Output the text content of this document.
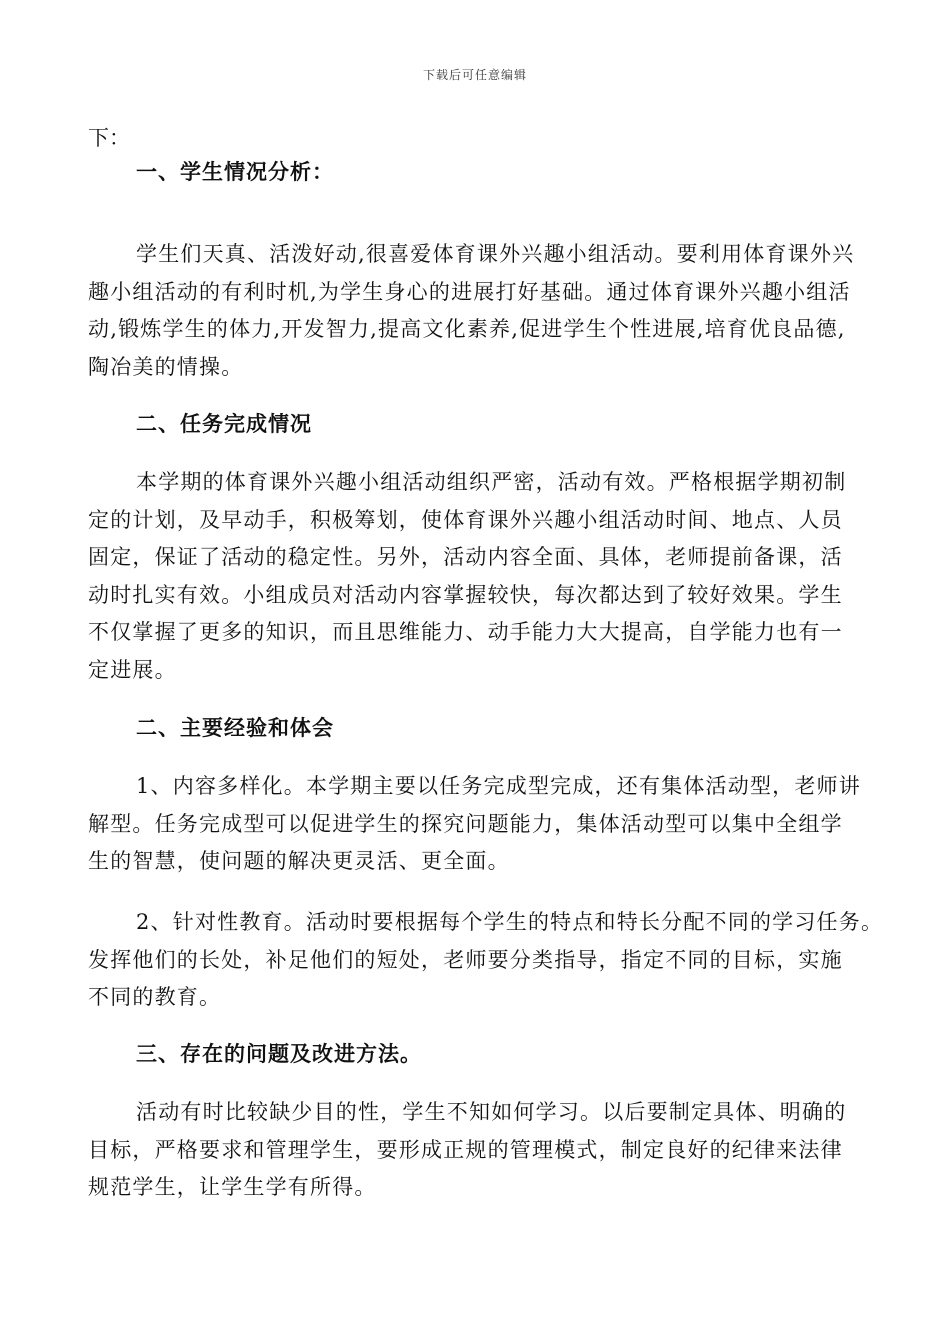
下载后可任意编辑
下：
一、学生情况分析：
学生们天真、活泼好动,很喜爱体育课外兴趣小组活动。要利用体育课外兴
趣小组活动的有利时机,为学生身心的进展打好基础。通过体育课外兴趣小组活
动,锻炼学生的体力,开发智力,提高文化素养,促进学生个性进展,培育优良品德,
陶冶美的情操。
二、任务完成情况
本学期的体育课外兴趣小组活动组织严密，活动有效。严格根据学期初制
定的计划，及早动手，积极筹划，使体育课外兴趣小组活动时间、地点、人员
固定，保证了活动的稳定性。另外，活动内容全面、具体，老师提前备课，活
动时扎实有效。小组成员对活动内容掌握较快，每次都达到了较好效果。学生
不仅掌握了更多的知识，而且思维能力、动手能力大大提高，自学能力也有一
定进展。
二、主要经验和体会
1、内容多样化。本学期主要以任务完成型完成，还有集体活动型，老师讲
解型。任务完成型可以促进学生的探究问题能力，集体活动型可以集中全组学
生的智慧，使问题的解决更灵活、更全面。
2、针对性教育。活动时要根据每个学生的特点和特长分配不同的学习任务。
发挥他们的长处，补足他们的短处，老师要分类指导，指定不同的目标，实施
不同的教育。
三、存在的问题及改进方法。
活动有时比较缺少目的性，学生不知如何学习。以后要制定具体、明确的
目标，严格要求和管理学生，要形成正规的管理模式，制定良好的纪律来法律
规范学生，让学生学有所得。
